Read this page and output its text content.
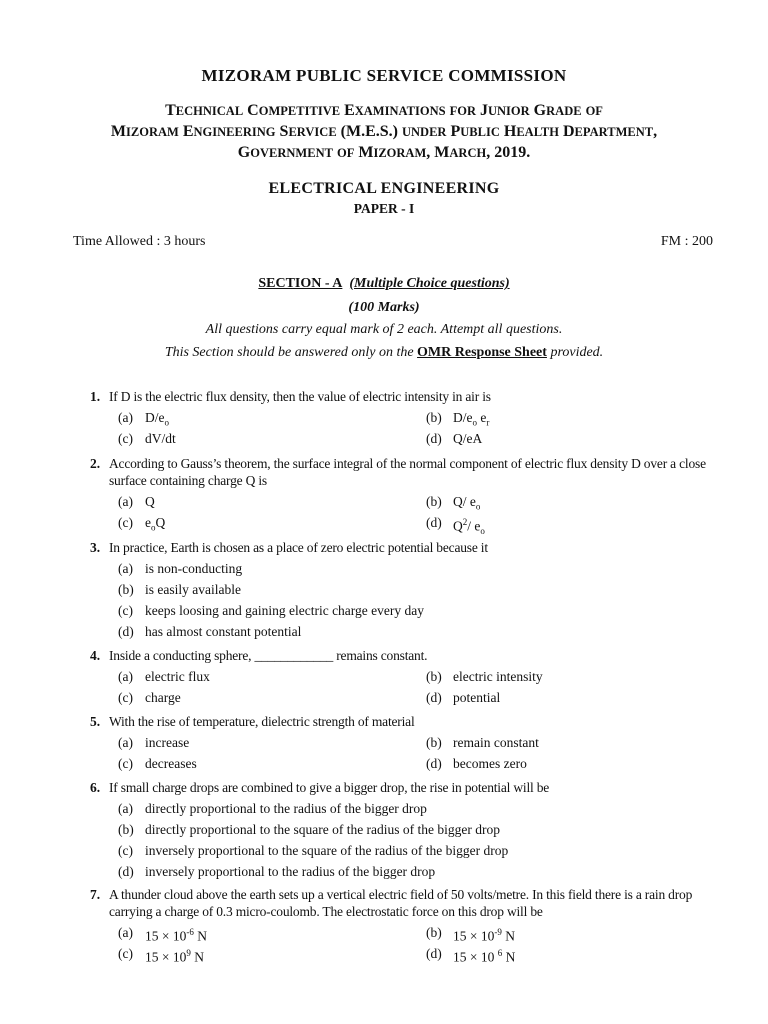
MIZORAM PUBLIC SERVICE COMMISSION
TECHNICAL COMPETITIVE EXAMINATIONS FOR JUNIOR GRADE OF
MIZORAM ENGINEERING SERVICE (M.E.S.) UNDER PUBLIC HEALTH DEPARTMENT,
GOVERNMENT OF MIZORAM, MARCH, 2019.
ELECTRICAL ENGINEERING
PAPER - I
Time Allowed : 3 hours	FM : 200
SECTION - A (Multiple Choice questions)
(100 Marks)
All questions carry equal mark of 2 each. Attempt all questions.
This Section should be answered only on the OMR Response Sheet provided.
1. If D is the electric flux density, then the value of electric intensity in air is
(a) $D/e_o$	(b) $D/e_o$ $e_r$
(c) dV/dt	(d) Q/eA
2. According to Gauss’s theorem, the surface integral of the normal component of electric flux density D over a close surface containing charge Q is
(a) Q	(b) Q/ $e_o$
(c) $e_oQ$	(d) $Q^2/$ $e_o$
3. In practice, Earth is chosen as a place of zero electric potential because it
(a) is non-conducting
(b) is easily available
(c) keeps loosing and gaining electric charge every day
(d) has almost constant potential
4. Inside a conducting sphere, ____________ remains constant.
(a) electric flux	(b) electric intensity
(c) charge	(d) potential
5. With the rise of temperature, dielectric strength of material
(a) increase	(b) remain constant
(c) decreases	(d) becomes zero
6. If small charge drops are combined to give a bigger drop, the rise in potential will be
(a) directly proportional to the radius of the bigger drop
(b) directly proportional to the square of the radius of the bigger drop
(c) inversely proportional to the square of the radius of the bigger drop
(d) inversely proportional to the radius of the bigger drop
7. A thunder cloud above the earth sets up a vertical electric field of 50 volts/metre. In this field there is a rain drop carrying a charge of 0.3 micro-coulomb. The electrostatic force on this drop will be
(a) $15 \times 10^{-6}$ N	(b) $15 \times 10^{-9}$ N
(c) $15 \times 10^9$ N	(d) 15 × 10 $^6$ N
